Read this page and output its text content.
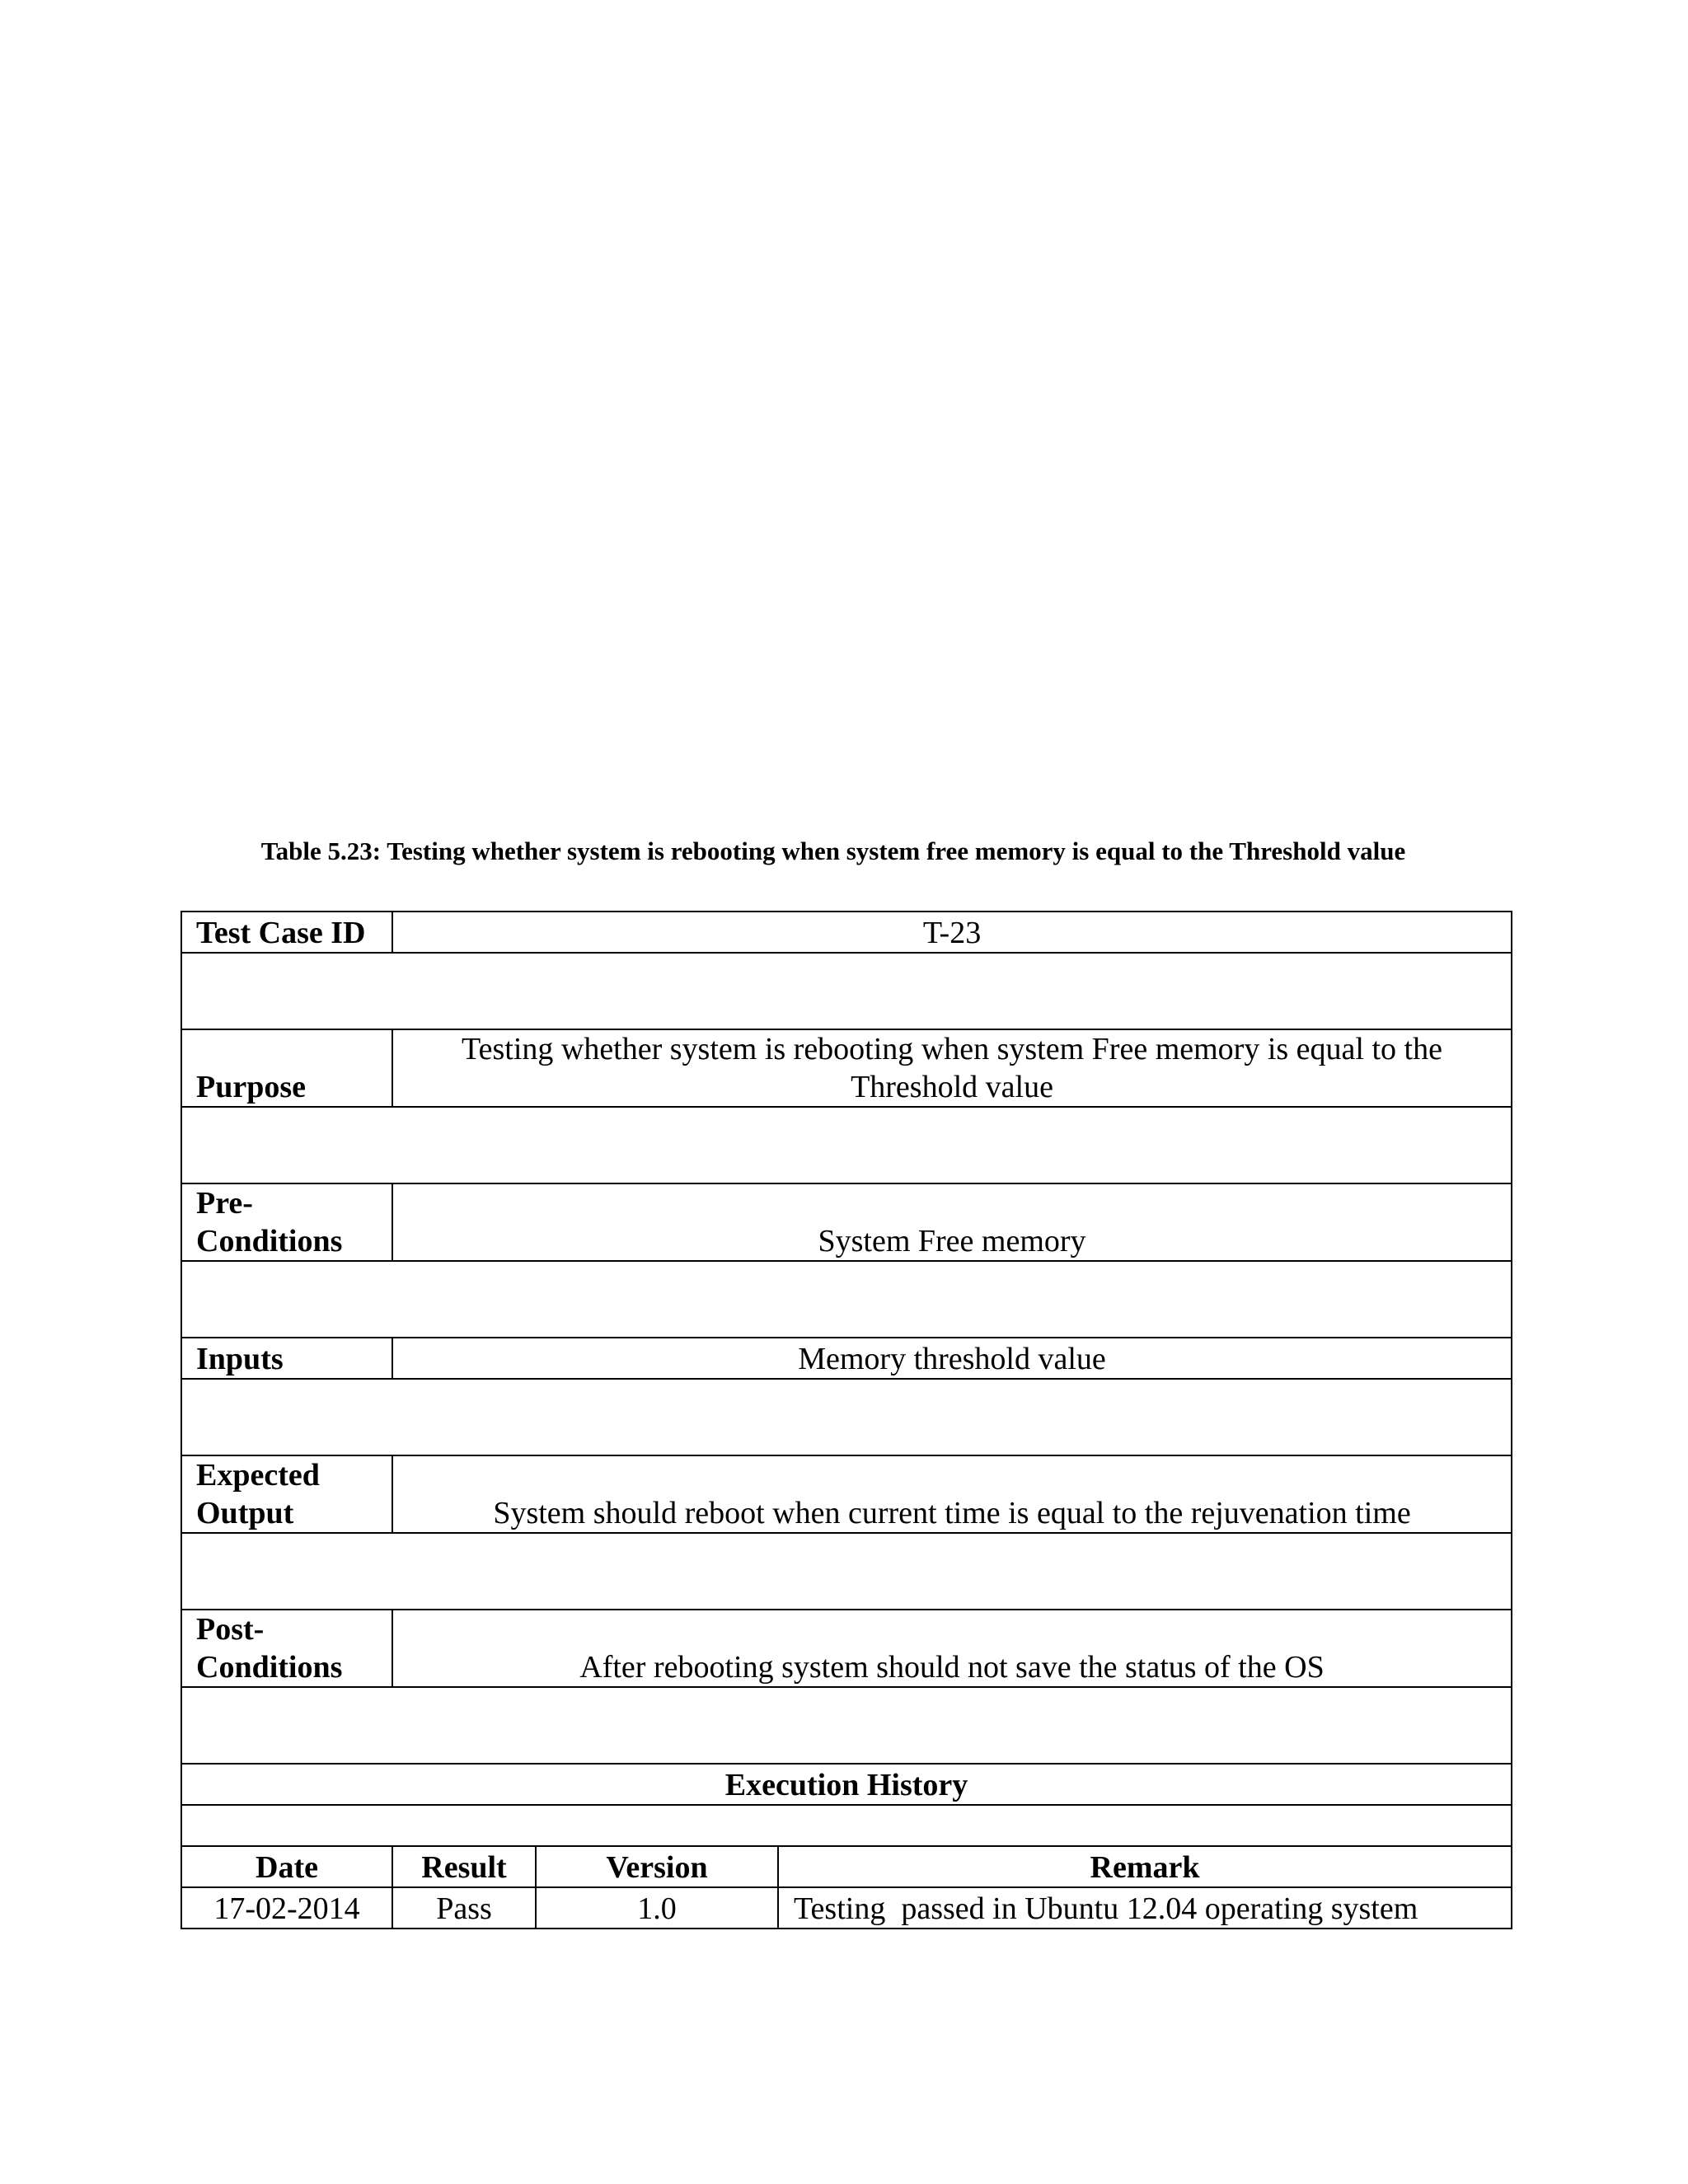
Table 5.23: Testing whether system is rebooting when system free memory is equal to the Threshold value
Test Case ID	T-23		

Purpose	Testing whether system is rebooting when system Free memory is equal to the Threshold value		

Pre-
Conditions	System Free memory		

Inputs	Memory threshold value		

Expected
Output	System should reboot when current time is equal to the rejuvenation time		

Post-
Conditions	After rebooting system should not save the status of the OS		

Execution History			

Date	Result	Version	Remark
17-02-2014	Pass	1.0	Testing  passed in Ubuntu 12.04 operating system
